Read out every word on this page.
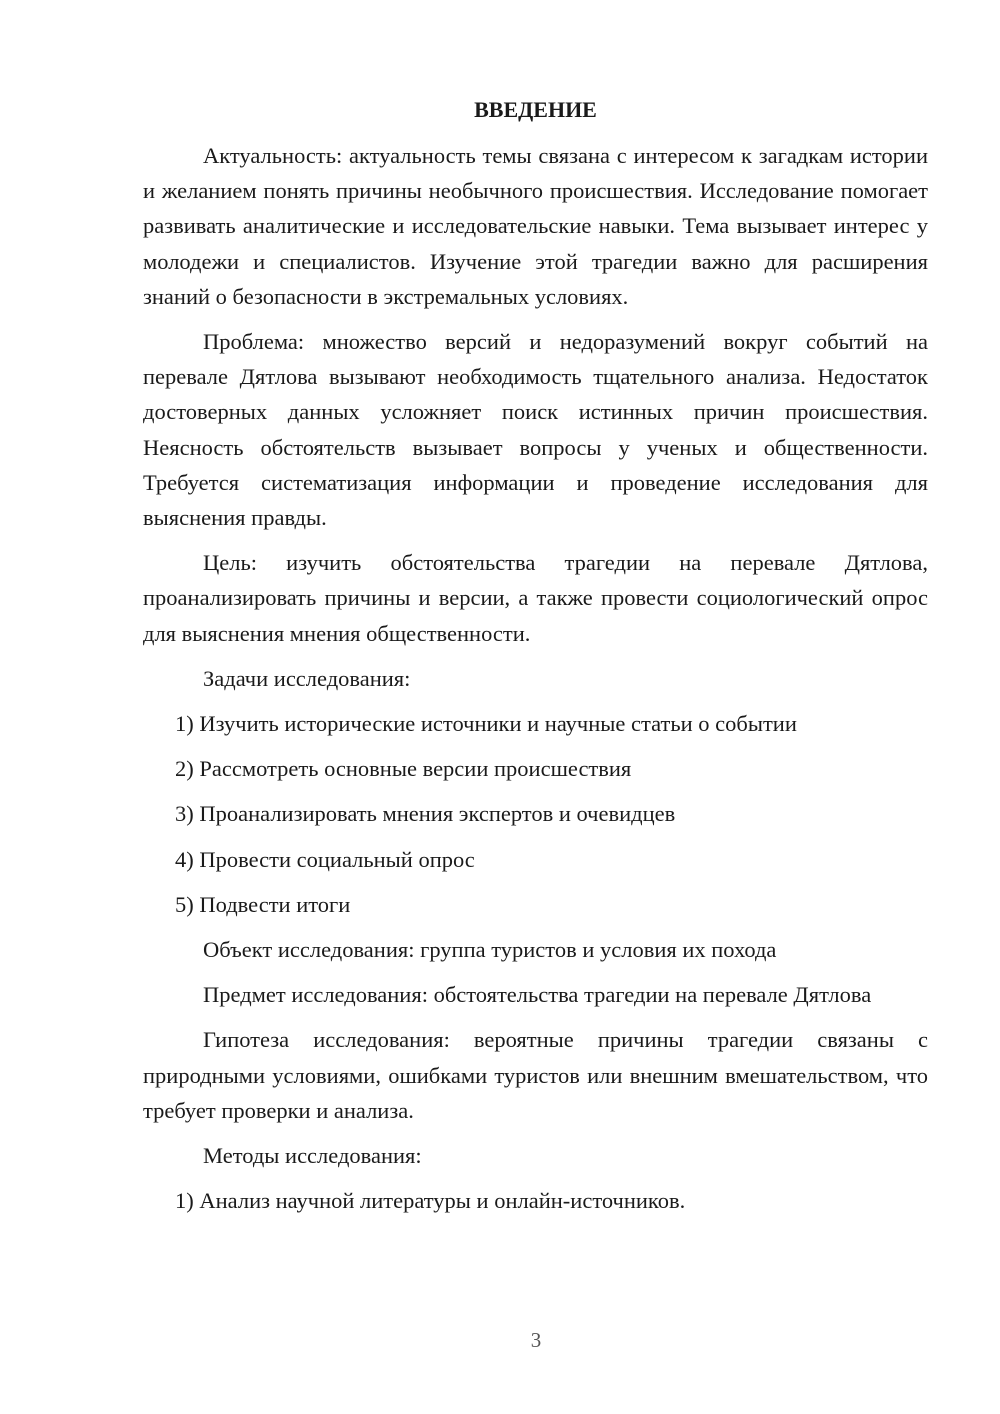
ВВЕДЕНИЕ

Актуальность: актуальность темы связана с интересом к загадкам истории и желанием понять причины необычного происшествия. Исследование помогает развивать аналитические и исследовательские навыки. Тема вызывает интерес у молодежи и специалистов. Изучение этой трагедии важно для расширения знаний о безопасности в экстремальных условиях.

Проблема: множество версий и недоразумений вокруг событий на перевале Дятлова вызывают необходимость тщательного анализа. Недостаток достоверных данных усложняет поиск истинных причин происшествия. Неясность обстоятельств вызывает вопросы у ученых и общественности. Требуется систематизация информации и проведение исследования для выяснения правды.

Цель: изучить обстоятельства трагедии на перевале Дятлова, проанализировать причины и версии, а также провести социологический опрос для выяснения мнения общественности.

Задачи исследования:

1) Изучить исторические источники и научные статьи о событии

2) Рассмотреть основные версии происшествия

3) Проанализировать мнения экспертов и очевидцев

4) Провести социальный опрос

5) Подвести итоги

Объект исследования: группа туристов и условия их похода

Предмет исследования: обстоятельства трагедии на перевале Дятлова

Гипотеза исследования: вероятные причины трагедии связаны с природными условиями, ошибками туристов или внешним вмешательством, что требует проверки и анализа.

Методы исследования:

1) Анализ научной литературы и онлайн-источников.

3
